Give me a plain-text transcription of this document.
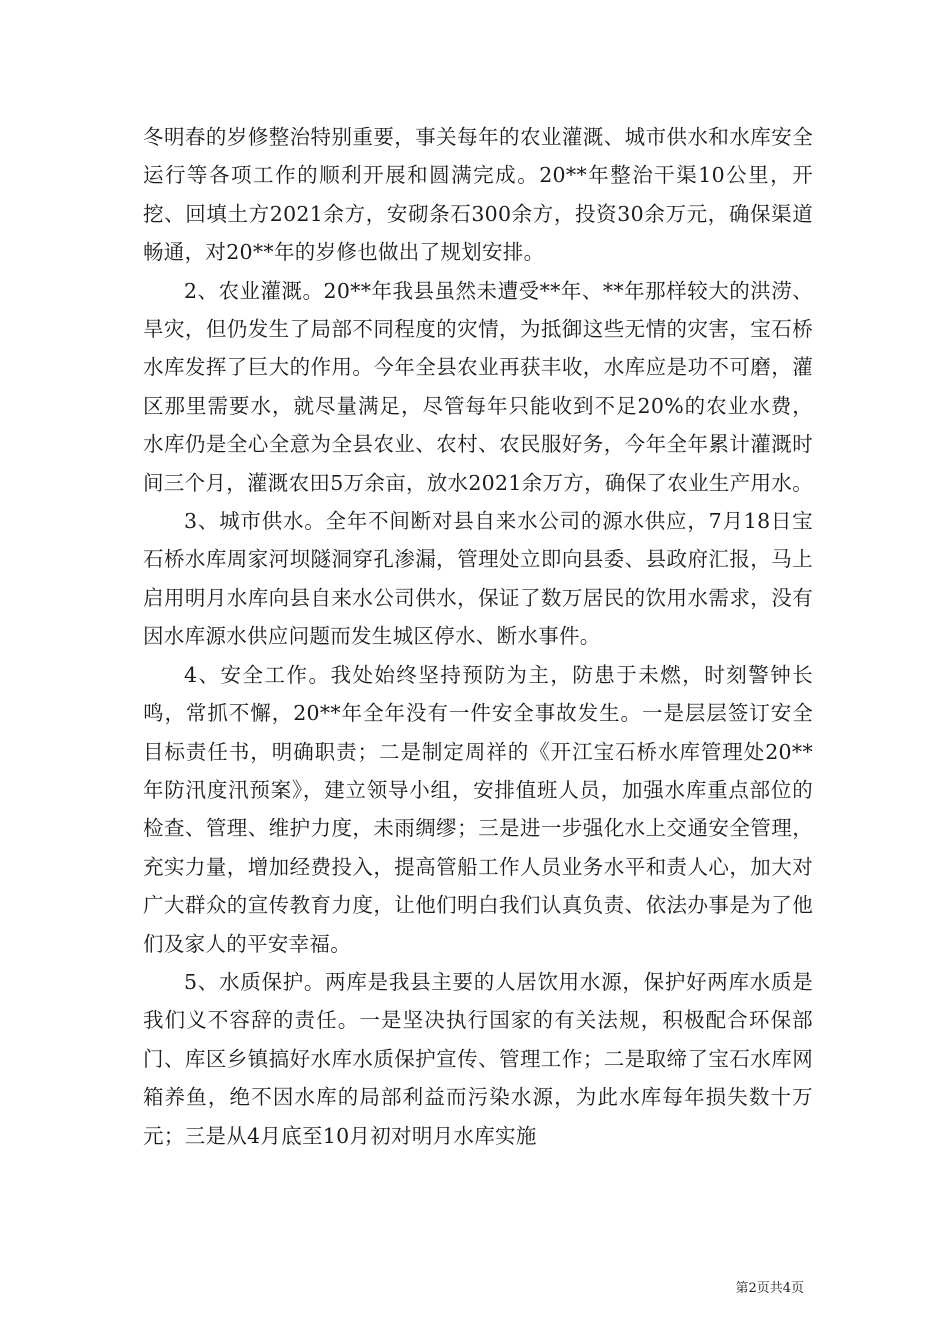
冬明春的岁修整治特别重要，事关每年的农业灌溉、城市供水和水库安全运行等各项工作的顺利开展和圆满完成。20**年整治干渠10公里，开挖、回填土方2021余方，安砌条石300余方，投资30余万元，确保渠道畅通，对20**年的岁修也做出了规划安排。

2、农业灌溉。20**年我县虽然未遭受**年、**年那样较大的洪涝、旱灾，但仍发生了局部不同程度的灾情，为抵御这些无情的灾害，宝石桥水库发挥了巨大的作用。今年全县农业再获丰收，水库应是功不可磨，灌区那里需要水，就尽量满足，尽管每年只能收到不足20%的农业水费，水库仍是全心全意为全县农业、农村、农民服好务，今年全年累计灌溉时间三个月，灌溉农田5万余亩，放水2021余万方，确保了农业生产用水。

3、城市供水。全年不间断对县自来水公司的源水供应，7月18日宝石桥水库周家河坝隧洞穿孔渗漏，管理处立即向县委、县政府汇报，马上启用明月水库向县自来水公司供水，保证了数万居民的饮用水需求，没有因水库源水供应问题而发生城区停水、断水事件。

4、安全工作。我处始终坚持预防为主，防患于未燃，时刻警钟长鸣，常抓不懈，20**年全年没有一件安全事故发生。一是层层签订安全目标责任书，明确职责；二是制定周祥的《开江宝石桥水库管理处20**年防汛度汛预案》，建立领导小组，安排值班人员，加强水库重点部位的检查、管理、维护力度，未雨绸缪；三是进一步强化水上交通安全管理，充实力量，增加经费投入，提高管船工作人员业务水平和责人心，加大对广大群众的宣传教育力度，让他们明白我们认真负责、依法办事是为了他们及家人的平安幸福。

5、水质保护。两库是我县主要的人居饮用水源，保护好两库水质是我们义不容辞的责任。一是坚决执行国家的有关法规，积极配合环保部门、库区乡镇搞好水库水质保护宣传、管理工作；二是取缔了宝石水库网箱养鱼，绝不因水库的局部利益而污染水源，为此水库每年损失数十万元；三是从4月底至10月初对明月水库实施

第2页共4页
